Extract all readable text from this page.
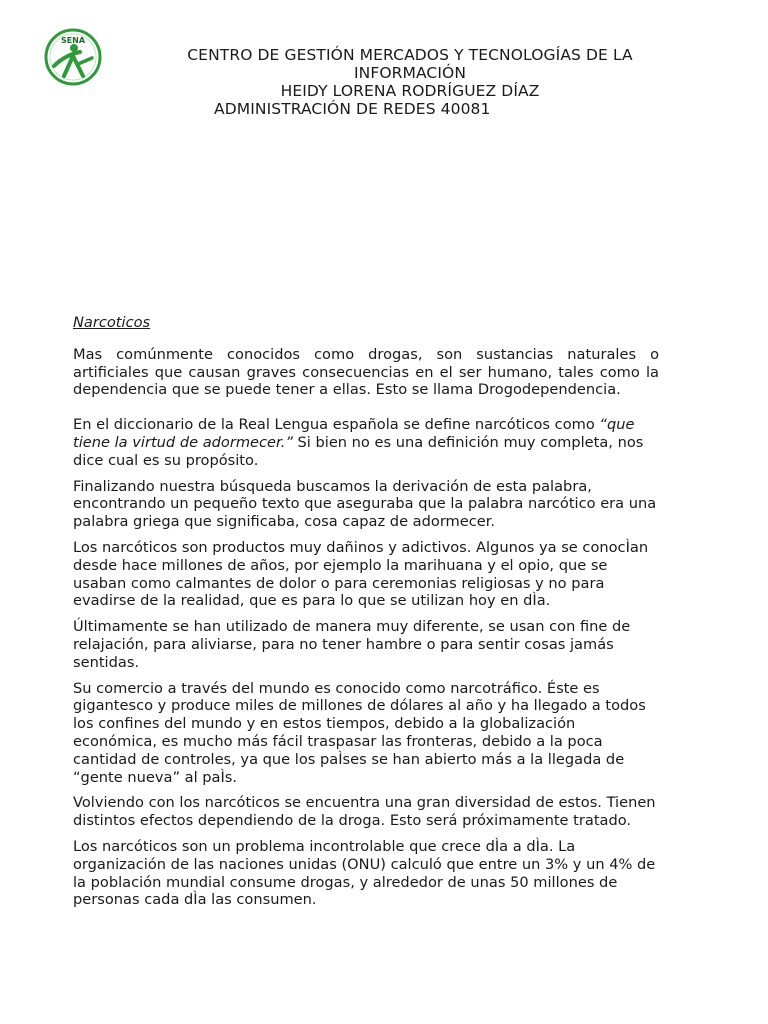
SENA
CENTRO DE GESTIÓN MERCADOS Y TECNOLOGÍAS DE LA
INFORMACIÓN
HEIDY LORENA RODRÍGUEZ DÍAZ
ADMINISTRACIÓN DE REDES 40081

Narcoticos

Mas comúnmente conocidos como drogas, son sustancias naturales o artificiales que causan graves consecuencias en el ser humano, tales como la dependencia que se puede tener a ellas. Esto se llama Drogodependencia.

En el diccionario de la Real Lengua española se define narcóticos como “que tiene la virtud de adormecer.” Si bien no es una definición muy completa, nos dice cual es su propósito.

Finalizando nuestra búsqueda buscamos la derivación de esta palabra, encontrando un pequeño texto que aseguraba que la palabra narcótico era una palabra griega que significaba, cosa capaz de adormecer.

Los narcóticos son productos muy dañinos y adictivos. Algunos ya se conocÌan desde hace millones de años, por ejemplo la marihuana y el opio, que se usaban como calmantes de dolor o para ceremonias religiosas y no para evadirse de la realidad, que es para lo que se utilizan hoy en dÌa.

Últimamente se han utilizado de manera muy diferente, se usan con fine de relajación, para aliviarse, para no tener hambre o para sentir cosas jamás sentidas.

Su comercio a través del mundo es conocido como narcotráfico. Éste es gigantesco y produce miles de millones de dólares al año y ha llegado a todos los confines del mundo y en estos tiempos, debido a la globalización económica, es mucho más fácil traspasar las fronteras, debido a la poca cantidad de controles, ya que los paÌses se han abierto más a la llegada de “gente nueva” al paÌs.

Volviendo con los narcóticos se encuentra una gran diversidad de estos. Tienen distintos efectos dependiendo de la droga. Esto será próximamente tratado.

Los narcóticos son un problema incontrolable que crece dÌa a dÌa. La organización de las naciones unidas (ONU) calculó que entre un 3% y un 4% de la población mundial consume drogas, y alrededor de unas 50 millones de personas cada dÌa las consumen.
